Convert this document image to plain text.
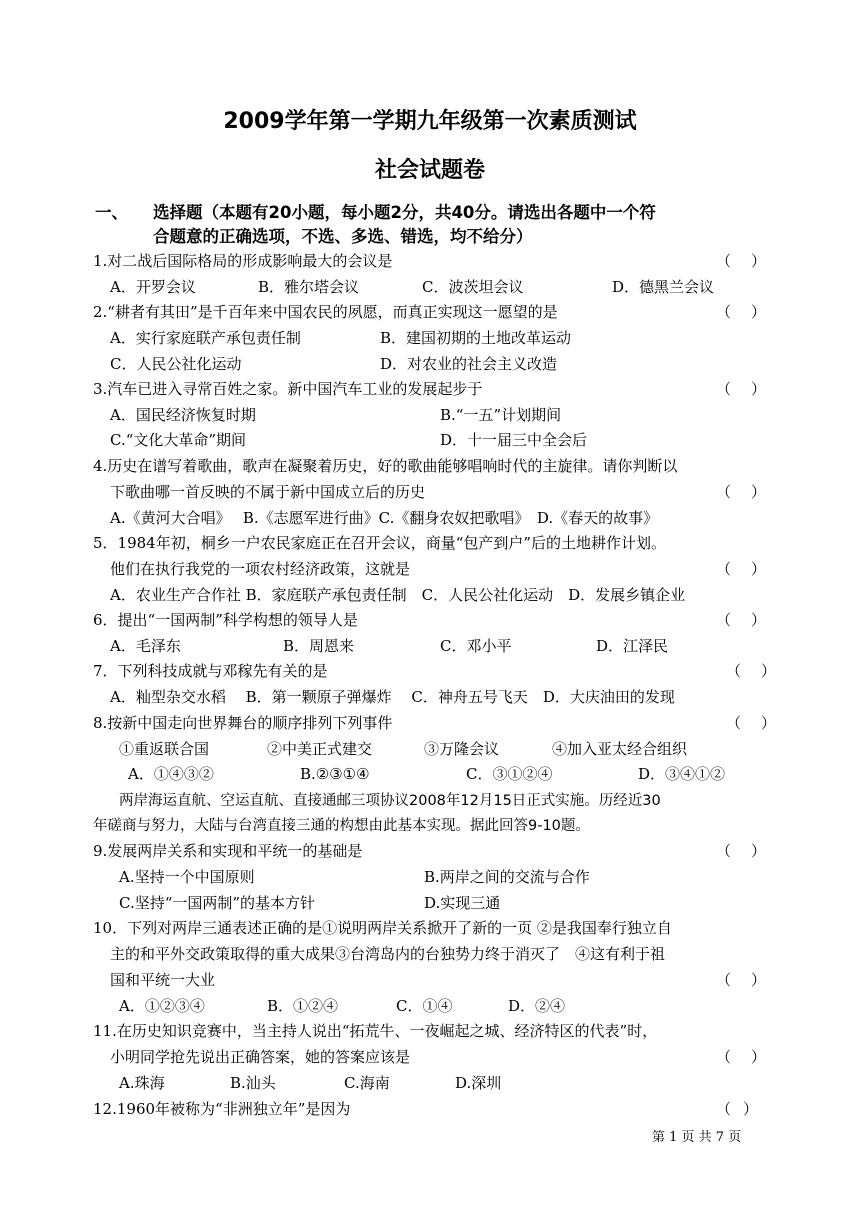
2009学年第一学期九年级第一次素质测试
社会试题卷
一、 选择题（本题有20小题，每小题2分，共40分。请选出各题中一个符
合题意的正确选项，不选、多选、错选，均不给分）
1.对二战后国际格局的形成影响最大的会议是	（ ）
A．开罗会议	B．雅尔塔会议	C．波茨坦会议	D．德黑兰会议
2.“耕者有其田”是千百年来中国农民的夙愿，而真正实现这一愿望的是	（ ）
A．实行家庭联产承包责任制	B．建国初期的土地改革运动
C．人民公社化运动	D．对农业的社会主义改造
3.汽车已进入寻常百姓之家。新中国汽车工业的发展起步于	（ ）
A．国民经济恢复时期	B.“一五”计划期间
C.“文化大革命”期间	D．十一届三中全会后
4.历史在谱写着歌曲，歌声在凝聚着历史，好的歌曲能够唱响时代的主旋律。请你判断以
下歌曲哪一首反映的不属于新中国成立后的历史	（ ）
A.《黄河大合唱》　 B.《志愿军进行曲》C.《翻身农奴把歌唱》　D.《春天的故事》
5．1984年初，桐乡一户农民家庭正在召开会议，商量“包产到户”后的土地耕作计划。
他们在执行我党的一项农村经济政策，这就是	（ ）
A．农业生产合作社 B．家庭联产承包责任制　C．人民公社化运动　D．发展乡镇企业
6．提出“一国两制”科学构想的领导人是	（ ）
A．毛泽东	B．周恩来	C．邓小平	D．江泽民
7．下列科技成就与邓稼先有关的是	（ ）
A．籼型杂交水稻　 B．第一颗原子弹爆炸　 C．神舟五号飞天　D．大庆油田的发现
8.按新中国走向世界舞台的顺序排列下列事件	（ ）
①重返联合国	②中美正式建交	③万隆会议	④加入亚太经合组织
A．①④③②	B.②③①④	C．③①②④	D．③④①②
两岸海运直航、空运直航、直接通邮三项协议2008年12月15日正式实施。历经近30
年磋商与努力，大陆与台湾直接三通的构想由此基本实现。据此回答9-10题。
9.发展两岸关系和实现和平统一的基础是	（ ）
A.坚持一个中国原则	B.两岸之间的交流与合作
C.坚持“一国两制”的基本方针	D.实现三通
10．下列对两岸三通表述正确的是①说明两岸关系掀开了新的一页 ②是我国奉行独立自
主的和平外交政策取得的重大成果③台湾岛内的台独势力终于消灭了　④这有利于祖
国和平统一大业	（ ）
A．①②③④	B．①②④	C．①④	D．②④
11.在历史知识竞赛中，当主持人说出“拓荒牛、一夜崛起之城、经济特区的代表”时，
小明同学抢先说出正确答案，她的答案应该是	（ ）
A.珠海	B.汕头	C.海南	D.深圳
12.1960年被称为“非洲独立年”是因为	（ ）
第 1 页 共 7 页
